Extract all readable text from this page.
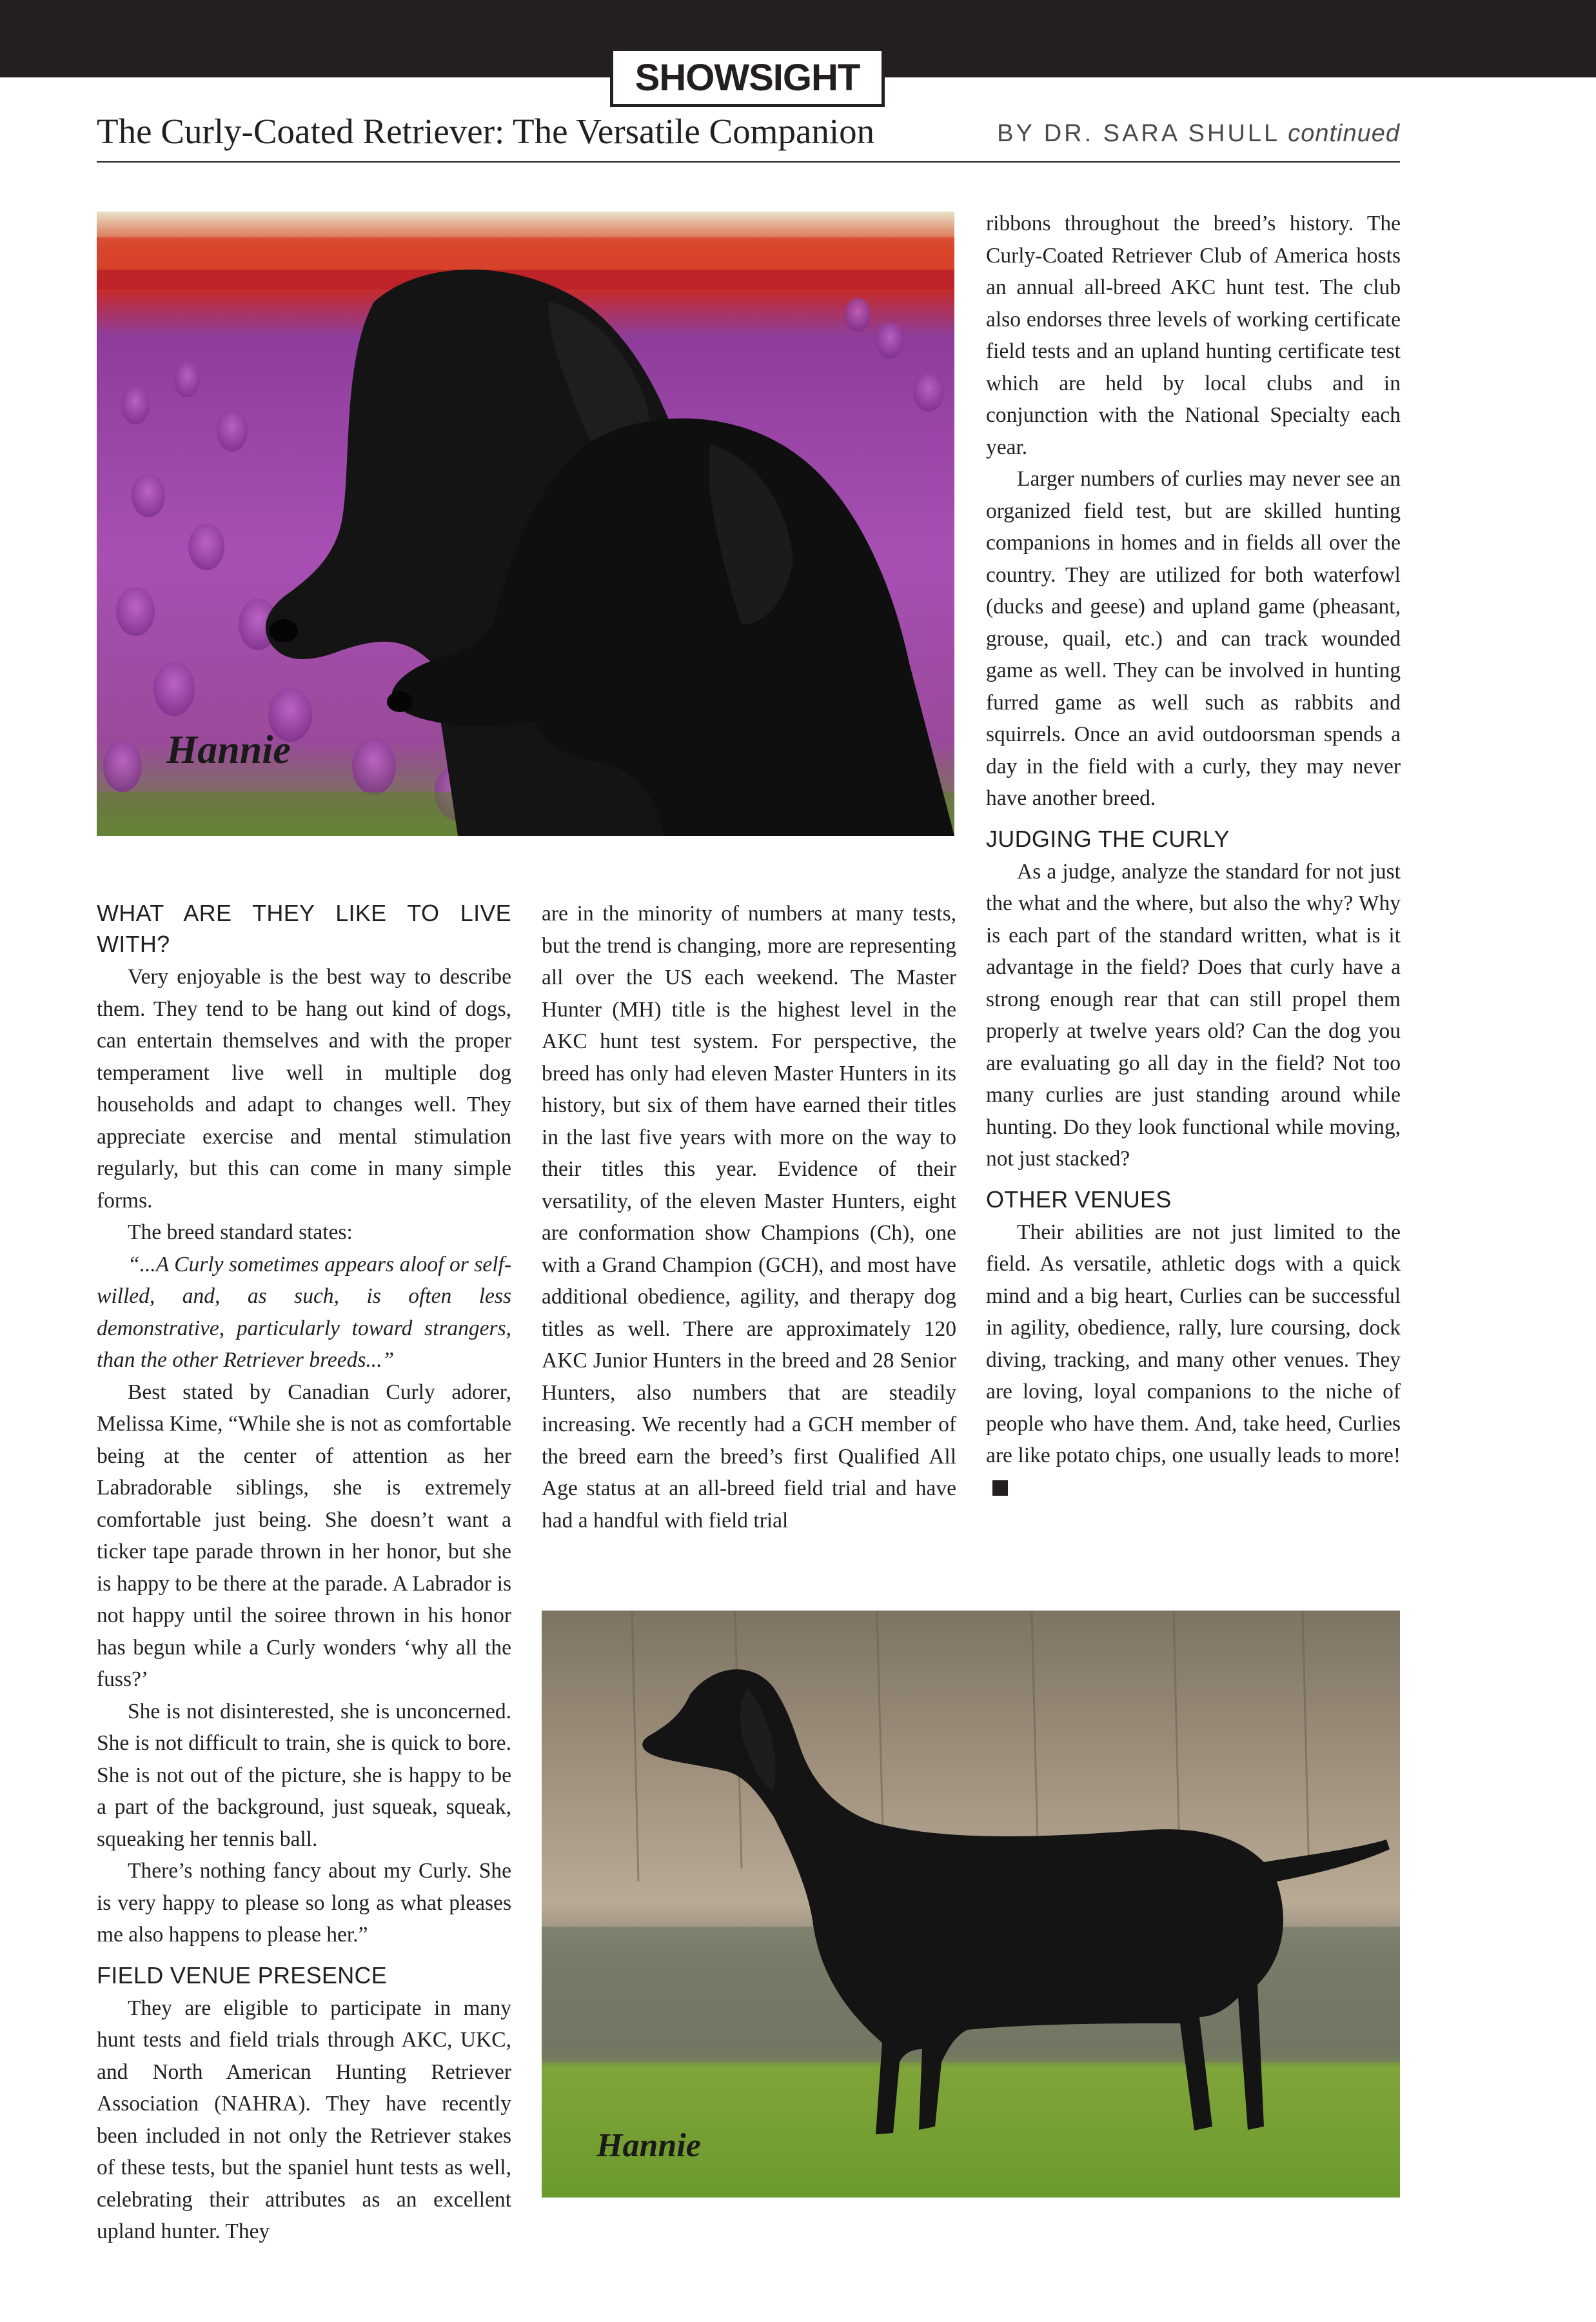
SHOWSIGHT
The Curly-Coated Retriever: The Versatile Companion	BY DR. SARA SHULL continued
Hannie
Hannie
WHAT ARE THEY LIKE TO LIVE WITH?

Very enjoyable is the best way to describe them. They tend to be hang out kind of dogs, can entertain themselves and with the proper temperament live well in multiple dog households and adapt to changes well. They appreciate exercise and mental stimulation regularly, but this can come in many simple forms.

The breed standard states:

“...A Curly sometimes appears aloof or self-willed, and, as such, is often less demonstrative, particularly toward strangers, than the other Retriever breeds...”

Best stated by Canadian Curly adorer, Melissa Kime, “While she is not as comfortable being at the center of attention as her Labradorable siblings, she is extremely comfortable just being. She doesn’t want a ticker tape parade thrown in her honor, but she is happy to be there at the parade. A Labrador is not happy until the soiree thrown in his honor has begun while a Curly wonders ‘why all the fuss?’

She is not disinterested, she is unconcerned. She is not difficult to train, she is quick to bore. She is not out of the picture, she is happy to be a part of the background, just squeak, squeak, squeaking her tennis ball.

There’s nothing fancy about my Curly. She is very happy to please so long as what pleases me also happens to please her.”

FIELD VENUE PRESENCE

They are eligible to participate in many hunt tests and field trials through AKC, UKC, and North American Hunting Retriever Association (NAHRA). They have recently been included in not only the Retriever stakes of these tests, but the spaniel hunt tests as well, celebrating their attributes as an excellent upland hunter. They

are in the minority of numbers at many tests, but the trend is changing, more are representing all over the US each weekend. The Master Hunter (MH) title is the highest level in the AKC hunt test system. For perspective, the breed has only had eleven Master Hunters in its history, but six of them have earned their titles in the last five years with more on the way to their titles this year. Evidence of their versatility, of the eleven Master Hunters, eight are conformation show Champions (Ch), one with a Grand Champion (GCH), and most have additional obedience, agility, and therapy dog titles as well. There are approximately 120 AKC Junior Hunters in the breed and 28 Senior Hunters, also numbers that are steadily increasing. We recently had a GCH member of the breed earn the breed’s first Qualified All Age status at an all-breed field trial and have had a handful with field trial

ribbons throughout the breed’s history. The Curly-Coated Retriever Club of America hosts an annual all-breed AKC hunt test. The club also endorses three levels of working certificate field tests and an upland hunting certificate test which are held by local clubs and in conjunction with the National Specialty each year.

Larger numbers of curlies may never see an organized field test, but are skilled hunting companions in homes and in fields all over the country. They are utilized for both waterfowl (ducks and geese) and upland game (pheasant, grouse, quail, etc.) and can track wounded game as well. They can be involved in hunting furred game as well such as rabbits and squirrels. Once an avid outdoorsman spends a day in the field with a curly, they may never have another breed.

JUDGING THE CURLY

As a judge, analyze the standard for not just the what and the where, but also the why? Why is each part of the standard written, what is it advantage in the field? Does that curly have a strong enough rear that can still propel them properly at twelve years old? Can the dog you are evaluating go all day in the field? Not too many curlies are just standing around while hunting. Do they look functional while moving, not just stacked?

OTHER VENUES

Their abilities are not just limited to the field. As versatile, athletic dogs with a quick mind and a big heart, Curlies can be successful in agility, obedience, rally, lure coursing, dock diving, tracking, and many other venues. They are loving, loyal companions to the niche of people who have them. And, take heed, Curlies are like potato chips, one usually leads to more!
